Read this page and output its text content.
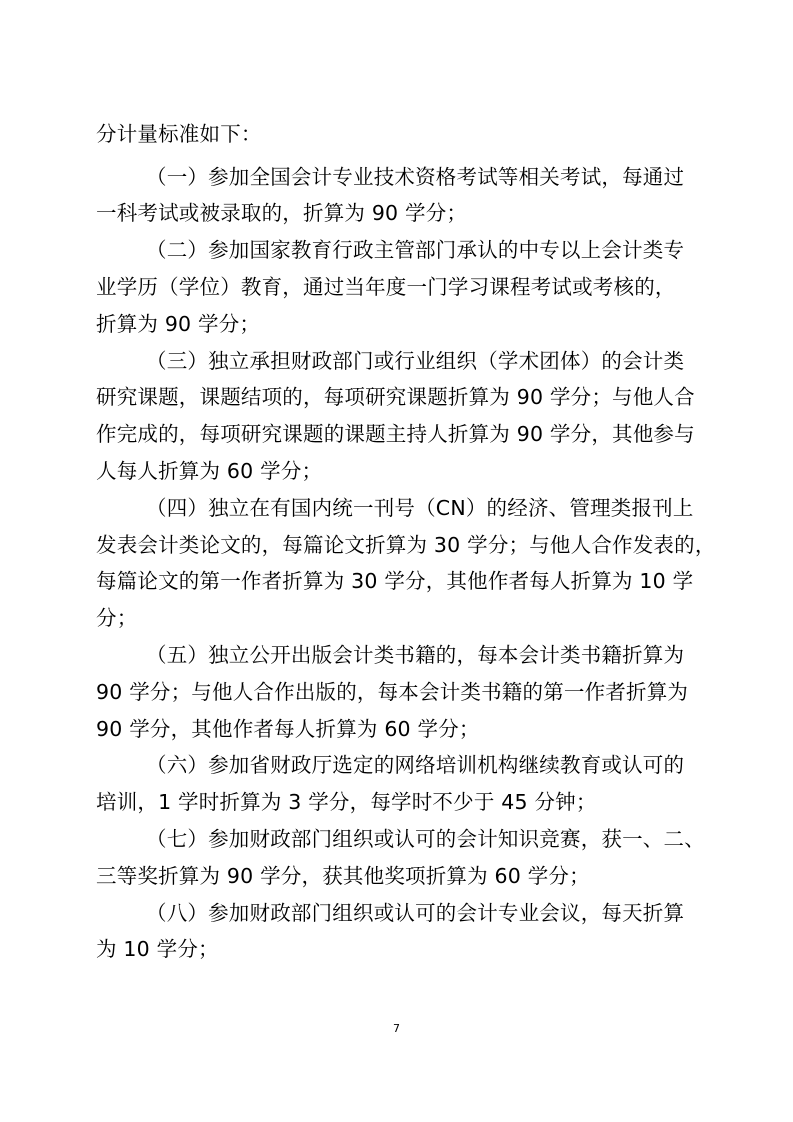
分计量标准如下：
（一）参加全国会计专业技术资格考试等相关考试，每通过
一科考试或被录取的，折算为 90 学分；
（二）参加国家教育行政主管部门承认的中专以上会计类专
业学历（学位）教育，通过当年度一门学习课程考试或考核的，
折算为 90 学分；
（三）独立承担财政部门或行业组织（学术团体）的会计类
研究课题，课题结项的，每项研究课题折算为 90 学分；与他人合
作完成的，每项研究课题的课题主持人折算为 90 学分，其他参与
人每人折算为 60 学分；
（四）独立在有国内统一刊号（CN）的经济、管理类报刊上
发表会计类论文的，每篇论文折算为 30 学分；与他人合作发表的，
每篇论文的第一作者折算为 30 学分，其他作者每人折算为 10 学
分；
（五）独立公开出版会计类书籍的，每本会计类书籍折算为
90 学分；与他人合作出版的，每本会计类书籍的第一作者折算为
90 学分，其他作者每人折算为 60 学分；
（六）参加省财政厅选定的网络培训机构继续教育或认可的
培训，1 学时折算为 3 学分，每学时不少于 45 分钟；
（七）参加财政部门组织或认可的会计知识竞赛，获一、二、
三等奖折算为 90 学分，获其他奖项折算为 60 学分；
（八）参加财政部门组织或认可的会计专业会议，每天折算
为 10 学分；
7
